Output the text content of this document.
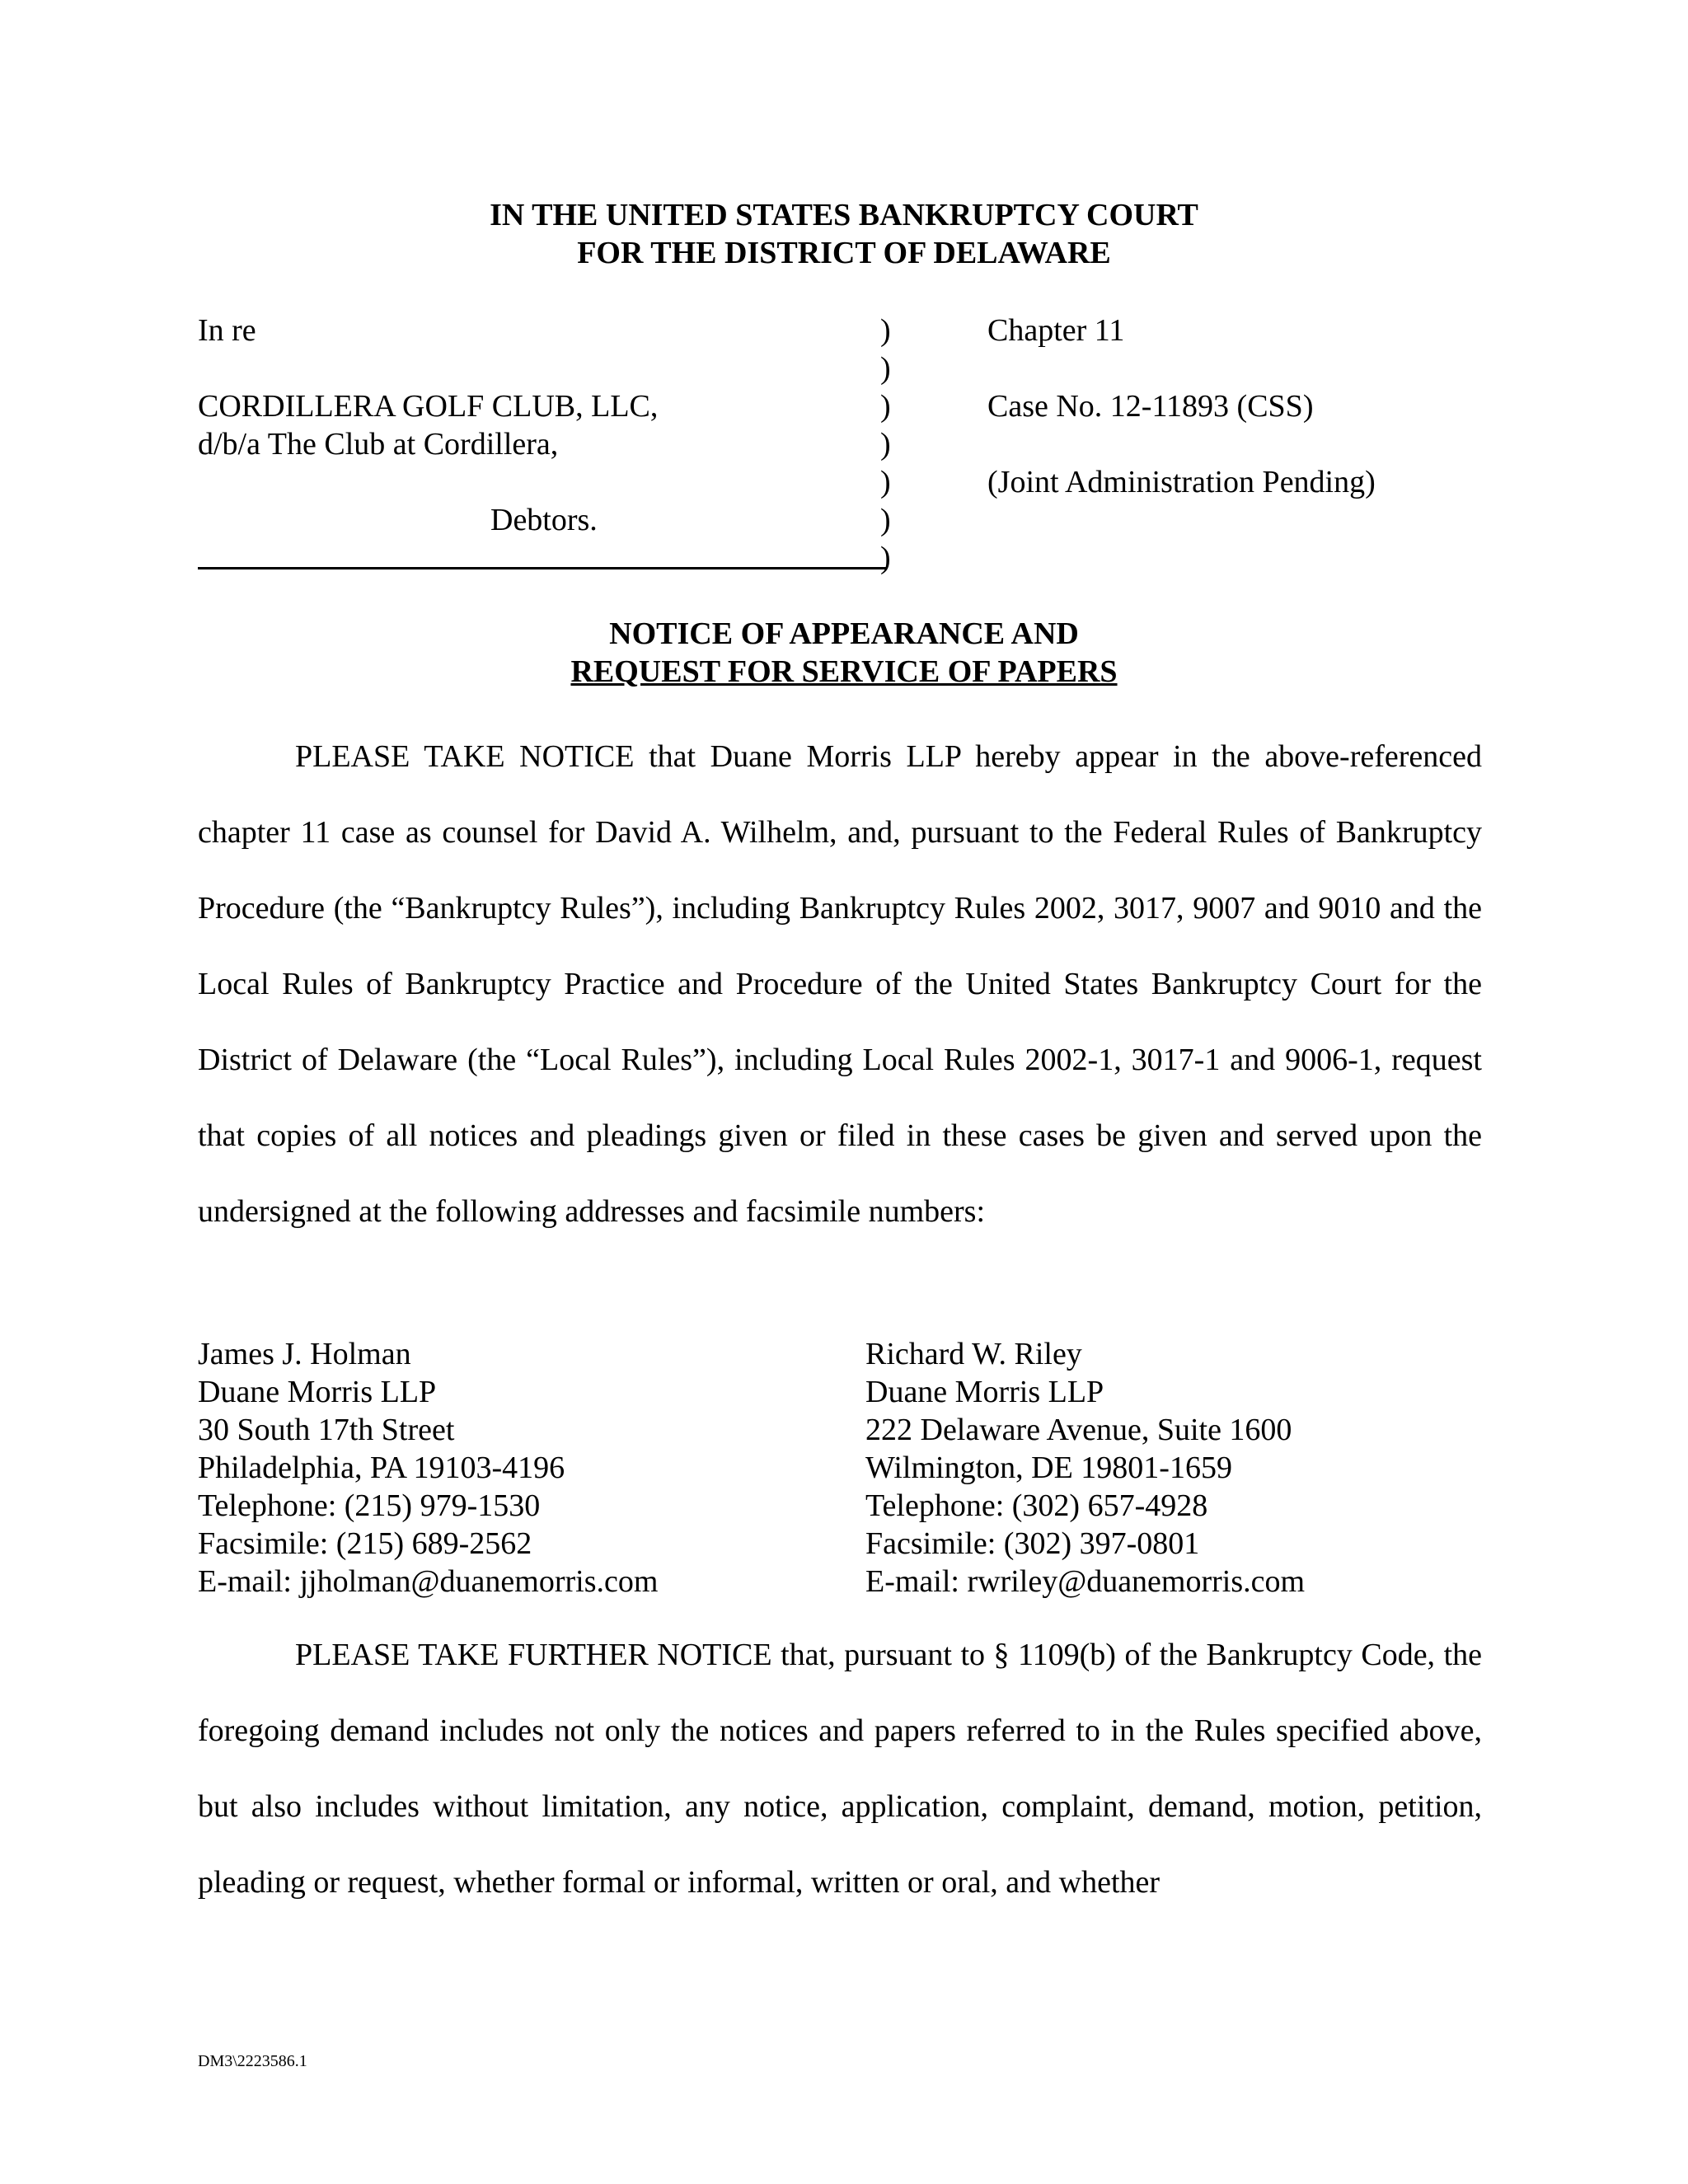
IN THE UNITED STATES BANKRUPTCY COURT
FOR THE DISTRICT OF DELAWARE
In re	)	Chapter 11
)
CORDILLERA GOLF CLUB, LLC,	)	Case No. 12-11893 (CSS)
d/b/a The Club at Cordillera,	)
)	(Joint Administration Pending)
Debtors.	)
)
NOTICE OF APPEARANCE AND
REQUEST FOR SERVICE OF PAPERS

PLEASE TAKE NOTICE that Duane Morris LLP hereby appear in the above-referenced chapter 11 case as counsel for David A. Wilhelm, and, pursuant to the Federal Rules of Bankruptcy Procedure (the “Bankruptcy Rules”), including Bankruptcy Rules 2002, 3017, 9007 and 9010 and the Local Rules of Bankruptcy Practice and Procedure of the United States Bankruptcy Court for the District of Delaware (the “Local Rules”), including Local Rules 2002-1, 3017-1 and 9006-1, request that copies of all notices and pleadings given or filed in these cases be given and served upon the undersigned at the following addresses and facsimile numbers:

James J. Holman
Duane Morris LLP
30 South 17th Street
Philadelphia, PA 19103-4196
Telephone: (215) 979-1530
Facsimile: (215) 689-2562
E-mail: jjholman@duanemorris.com
Richard W. Riley
Duane Morris LLP
222 Delaware Avenue, Suite 1600
Wilmington, DE 19801-1659
Telephone: (302) 657-4928
Facsimile: (302) 397-0801
E-mail: rwriley@duanemorris.com

PLEASE TAKE FURTHER NOTICE that, pursuant to § 1109(b) of the Bankruptcy Code, the foregoing demand includes not only the notices and papers referred to in the Rules specified above, but also includes without limitation, any notice, application, complaint, demand, motion, petition, pleading or request, whether formal or informal, written or oral, and whether

DM3\2223586.1
